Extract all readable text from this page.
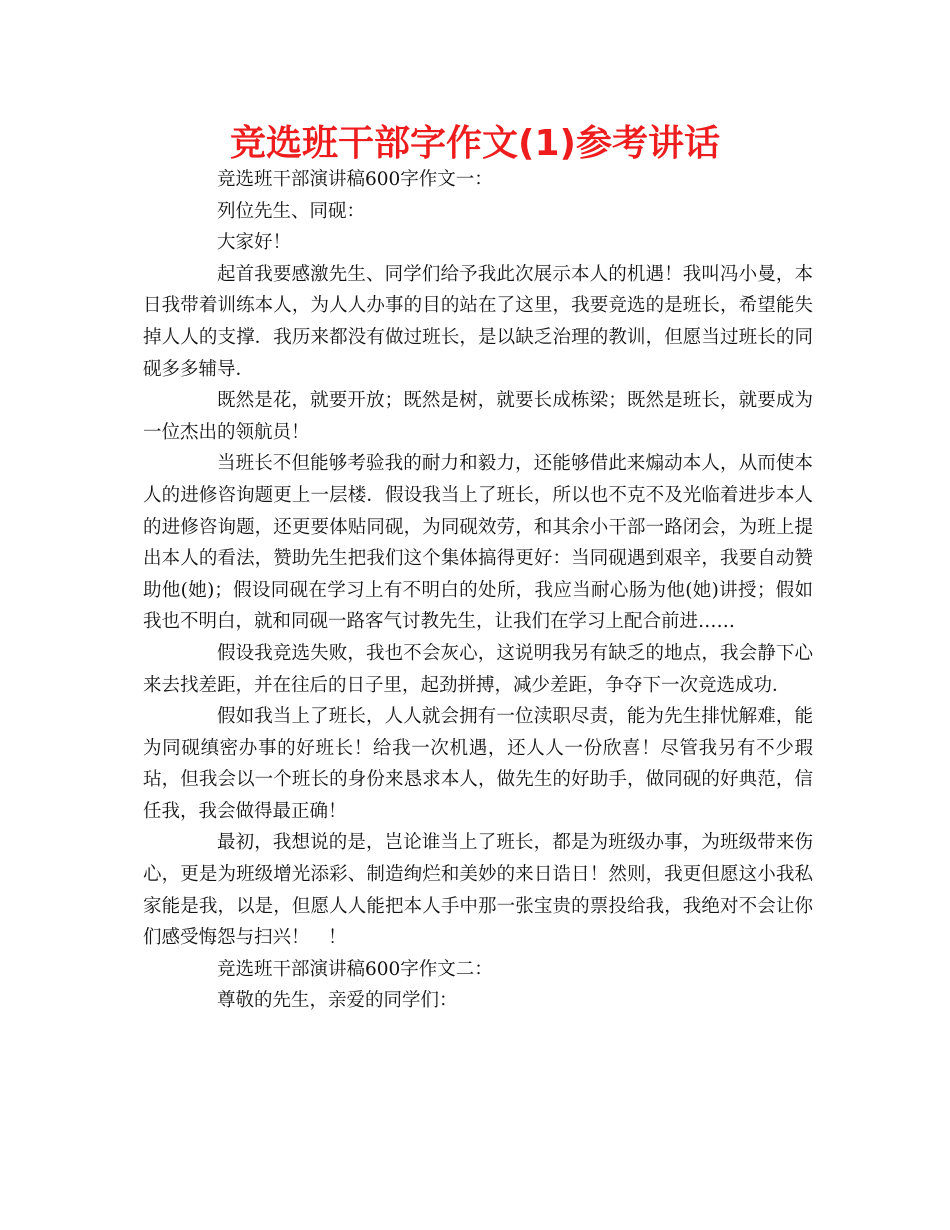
竞选班干部字作文(1)参考讲话

竞选班干部演讲稿600字作文一：

列位先生、同砚：

大家好！

起首我要感激先生、同学们给予我此次展示本人的机遇！我叫冯小曼，本日我带着训练本人，为人人办事的目的站在了这里，我要竞选的是班长，希望能失掉人人的支撑．我历来都没有做过班长，是以缺乏治理的教训，但愿当过班长的同砚多多辅导．

既然是花，就要开放；既然是树，就要长成栋梁；既然是班长，就要成为一位杰出的领航员！

当班长不但能够考验我的耐力和毅力，还能够借此来煽动本人，从而使本人的进修咨询题更上一层楼．假设我当上了班长，所以也不克不及光临着进步本人的进修咨询题，还更要体贴同砚，为同砚效劳，和其余小干部一路闭会，为班上提出本人的看法，赞助先生把我们这个集体搞得更好：当同砚遇到艰辛，我要自动赞助他(她)；假设同砚在学习上有不明白的处所，我应当耐心肠为他(她)讲授；假如我也不明白，就和同砚一路客气讨教先生，让我们在学习上配合前进……

假设我竞选失败，我也不会灰心，这说明我另有缺乏的地点，我会静下心来去找差距，并在往后的日子里，起劲拼搏，减少差距，争夺下一次竞选成功．

假如我当上了班长，人人就会拥有一位渎职尽责，能为先生排忧解难，能为同砚缜密办事的好班长！给我一次机遇，还人人一份欣喜！尽管我另有不少瑕玷，但我会以一个班长的身份来恳求本人，做先生的好助手，做同砚的好典范，信任我，我会做得最正确！

最初，我想说的是，岂论谁当上了班长，都是为班级办事，为班级带来伤心，更是为班级增光添彩、制造绚烂和美妙的来日诰日！然则，我更但愿这小我私家能是我，以是，但愿人人能把本人手中那一张宝贵的票投给我，我绝对不会让你们感受悔怨与扫兴！　！

竞选班干部演讲稿600字作文二：

尊敬的先生，亲爱的同学们：
